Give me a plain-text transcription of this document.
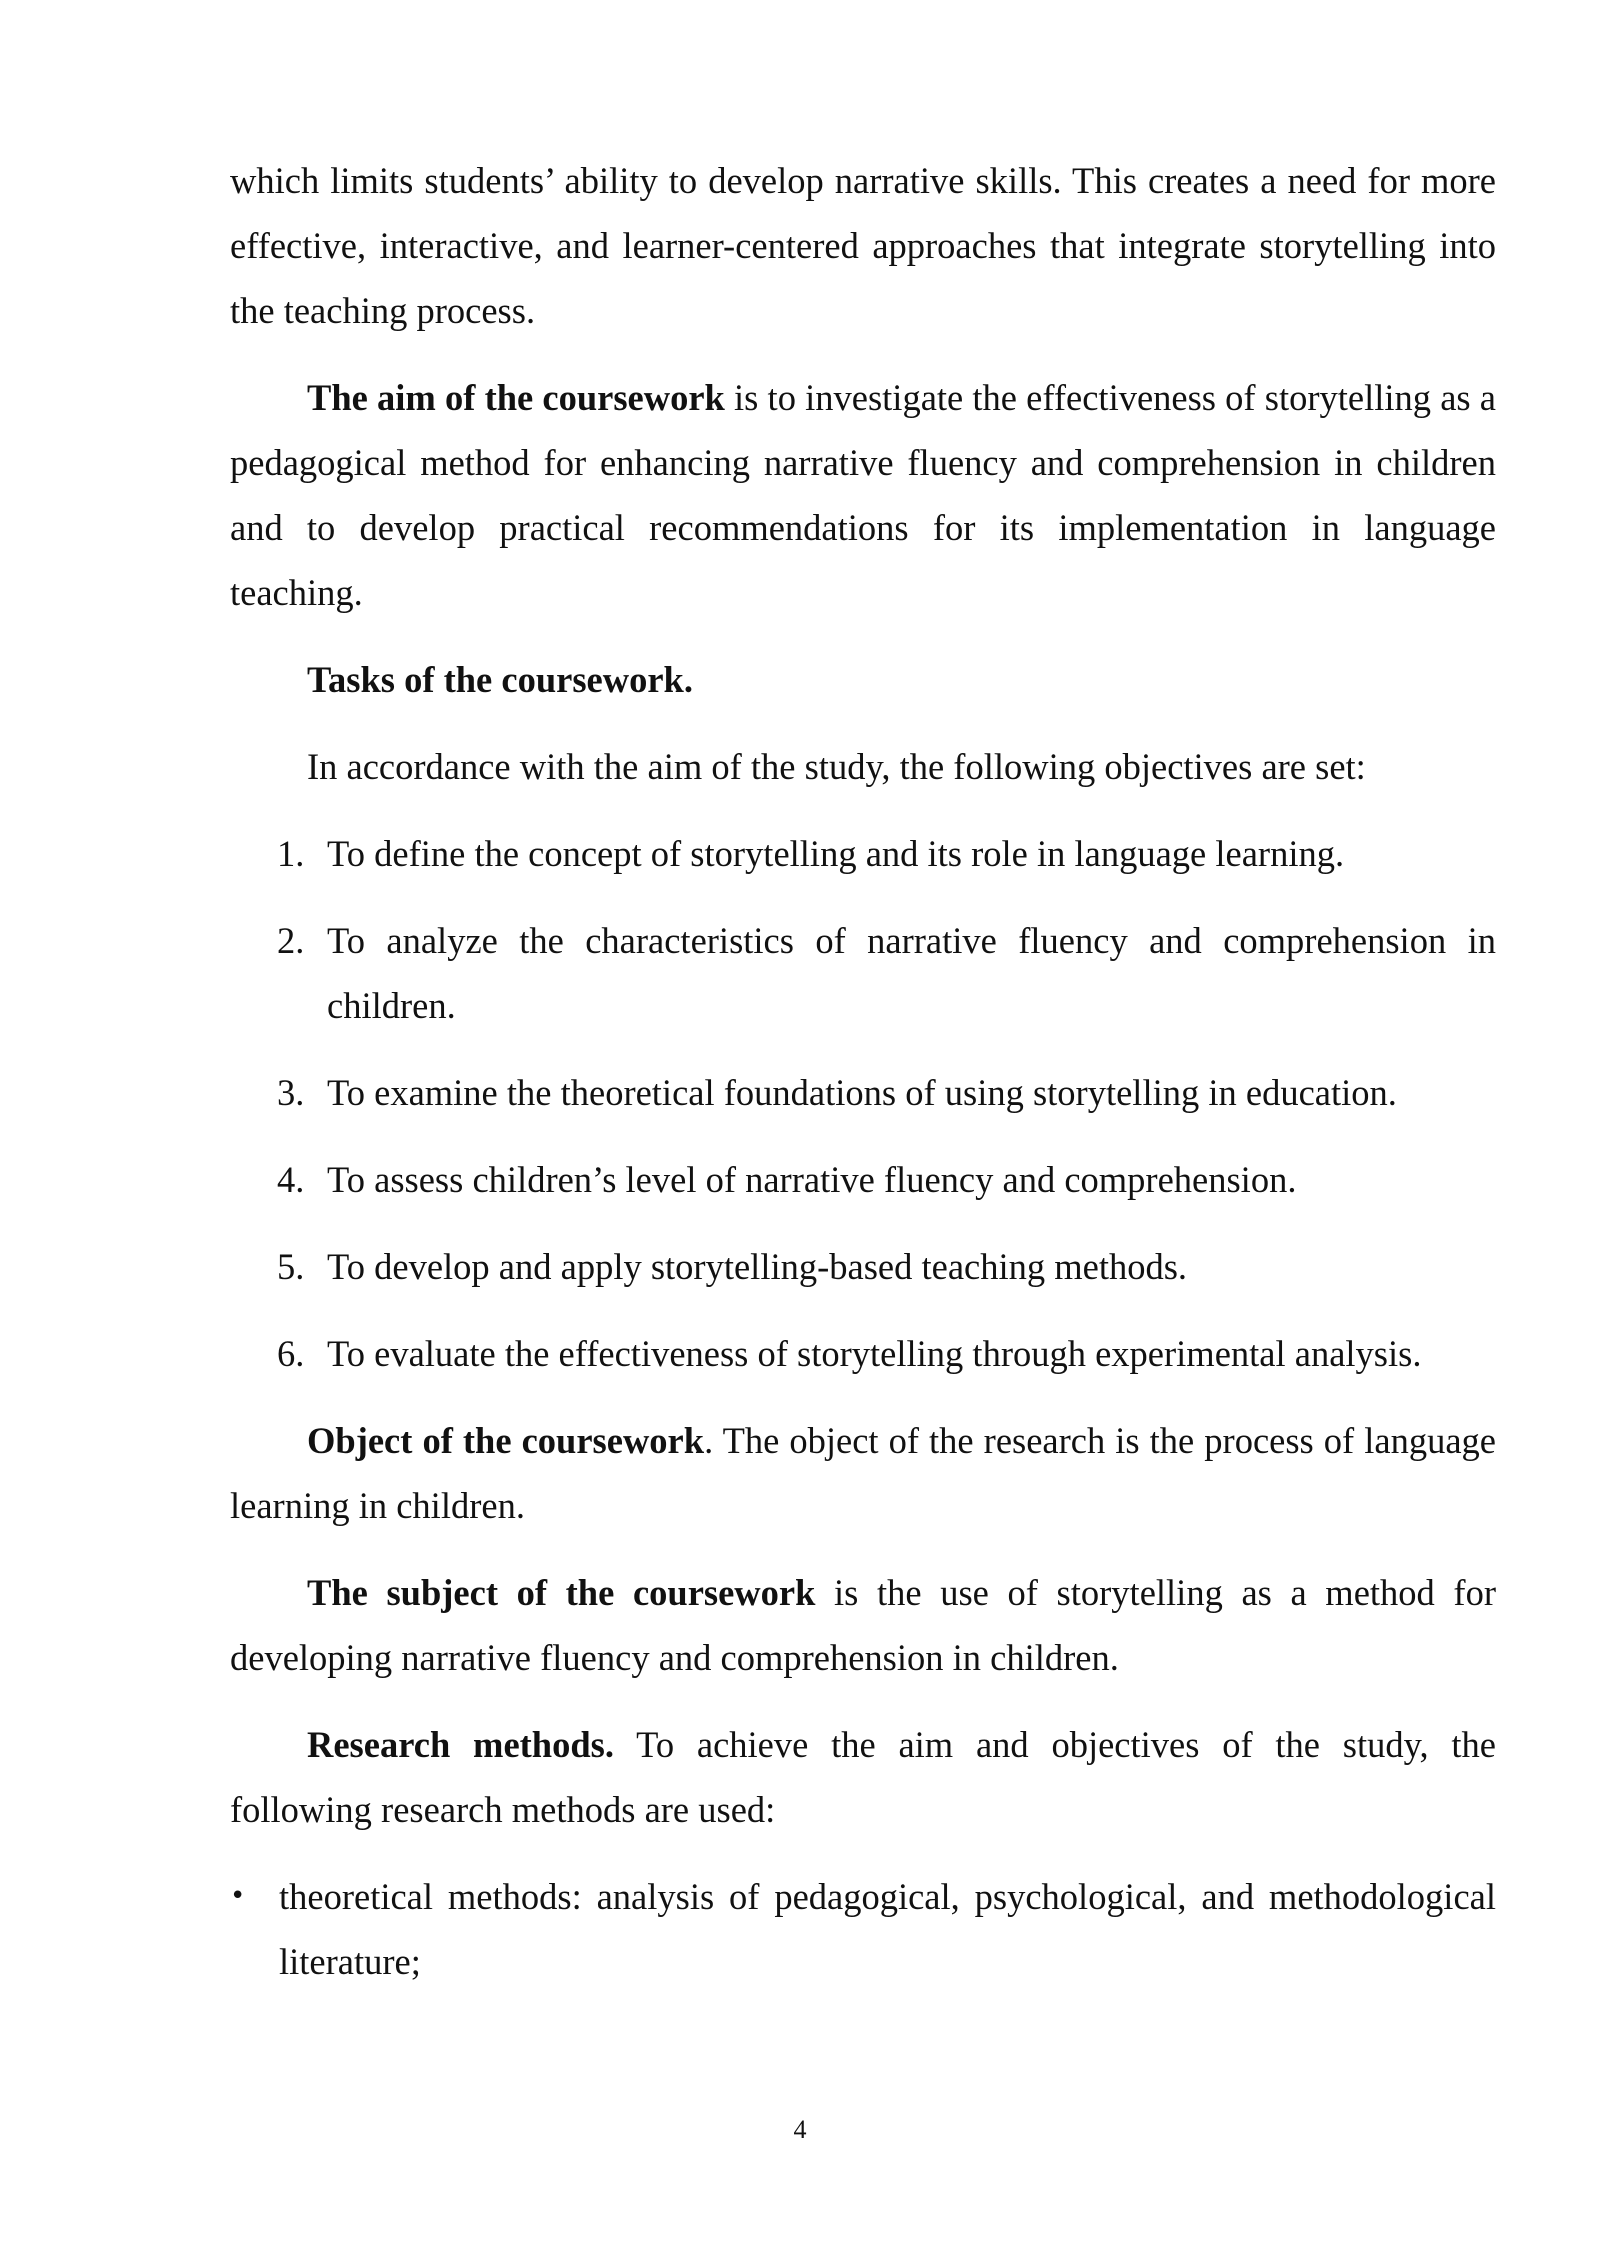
which limits students’ ability to develop narrative skills. This creates a need for more effective, interactive, and learner-centered approaches that integrate storytelling into the teaching process.

The aim of the coursework is to investigate the effectiveness of storytelling as a pedagogical method for enhancing narrative fluency and comprehension in children and to develop practical recommendations for its implementation in language teaching.

Tasks of the coursework.

In accordance with the aim of the study, the following objectives are set:

1. To define the concept of storytelling and its role in language learning.
2. To analyze the characteristics of narrative fluency and comprehension in children.
3. To examine the theoretical foundations of using storytelling in education.
4. To assess children’s level of narrative fluency and comprehension.
5. To develop and apply storytelling-based teaching methods.
6. To evaluate the effectiveness of storytelling through experimental analysis.

Object of the coursework. The object of the research is the process of language learning in children.

The subject of the coursework is the use of storytelling as a method for developing narrative fluency and comprehension in children.

Research methods. To achieve the aim and objectives of the study, the following research methods are used:

• theoretical methods: analysis of pedagogical, psychological, and methodological literature;
4
